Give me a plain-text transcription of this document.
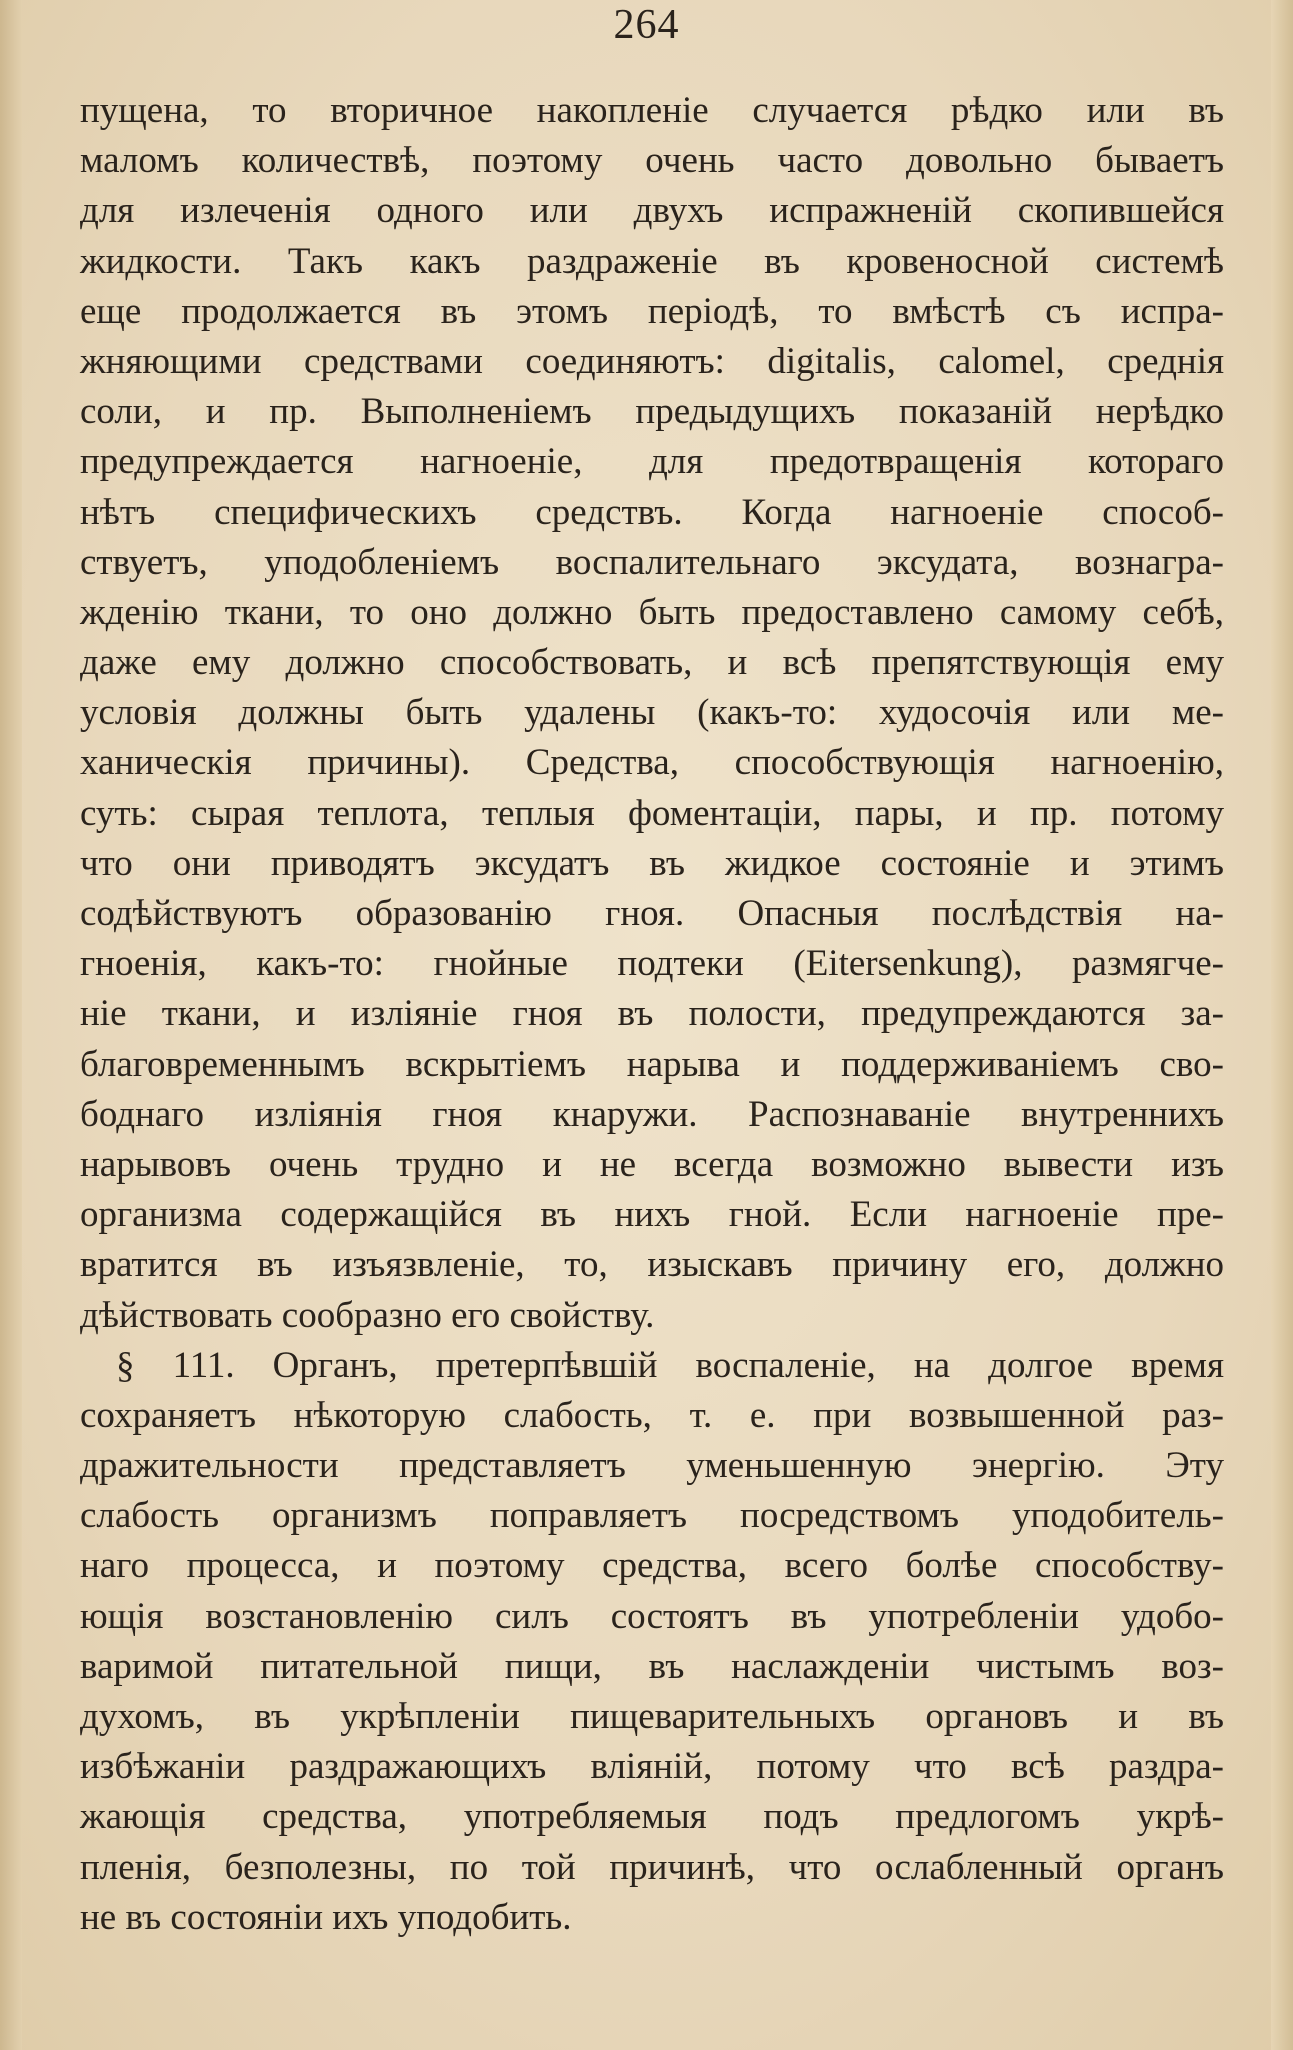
264
пущена, то вторичное накопленіе случается рѣдко или въ
маломъ количествѣ, поэтому очень часто довольно бываетъ
для излеченія одного или двухъ испражненій скопившейся
жидкости. Такъ какъ раздраженіе въ кровеносной системѣ
еще продолжается въ этомъ періодѣ, то вмѣстѣ съ испра-
жняющими средствами соединяютъ: digitalis, calomel, среднія
соли, и пр. Выполненіемъ предыдущихъ показаній нерѣдко
предупреждается нагноеніе, для предотвращенія котораго
нѣтъ специфическихъ средствъ. Когда нагноеніе способ-
ствуетъ, уподобленіемъ воспалительнаго эксудата, вознагра-
жденію ткани, то оно должно быть предоставлено самому себѣ,
даже ему должно способствовать, и всѣ препятствующія ему
условія должны быть удалены (какъ-то: худосочія или ме-
ханическія причины). Средства, способствующія нагноенію,
суть: сырая теплота, теплыя фоментаціи, пары, и пр. потому
что они приводятъ эксудатъ въ жидкое состояніе и этимъ
содѣйствуютъ образованію гноя. Опасныя послѣдствія на-
гноенія, какъ-то: гнойные подтеки (Eitersenkung), размягче-
ніе ткани, и изліяніе гноя въ полости, предупреждаются за-
благовременнымъ вскрытіемъ нарыва и поддерживаніемъ сво-
боднаго изліянія гноя кнаружи. Распознаваніе внутреннихъ
нарывовъ очень трудно и не всегда возможно вывести изъ
организма содержащійся въ нихъ гной. Если нагноеніе пре-
вратится въ изъязвленіе, то, изыскавъ причину его, должно
дѣйствовать сообразно его свойству.
§ 111. Органъ, претерпѣвшій воспаленіе, на долгое время
сохраняетъ нѣкоторую слабость, т. е. при возвышенной раз-
дражительности представляетъ уменьшенную энергію. Эту
слабость организмъ поправляетъ посредствомъ уподобитель-
наго процесса, и поэтому средства, всего болѣе способству-
ющія возстановленію силъ состоятъ въ употребленіи удобо-
варимой питательной пищи, въ наслажденіи чистымъ воз-
духомъ, въ укрѣпленіи пищеварительныхъ органовъ и въ
избѣжаніи раздражающихъ вліяній, потому что всѣ раздра-
жающія средства, употребляемыя подъ предлогомъ укрѣ-
пленія, безполезны, по той причинѣ, что ослабленный органъ
не въ состояніи ихъ уподобить.
